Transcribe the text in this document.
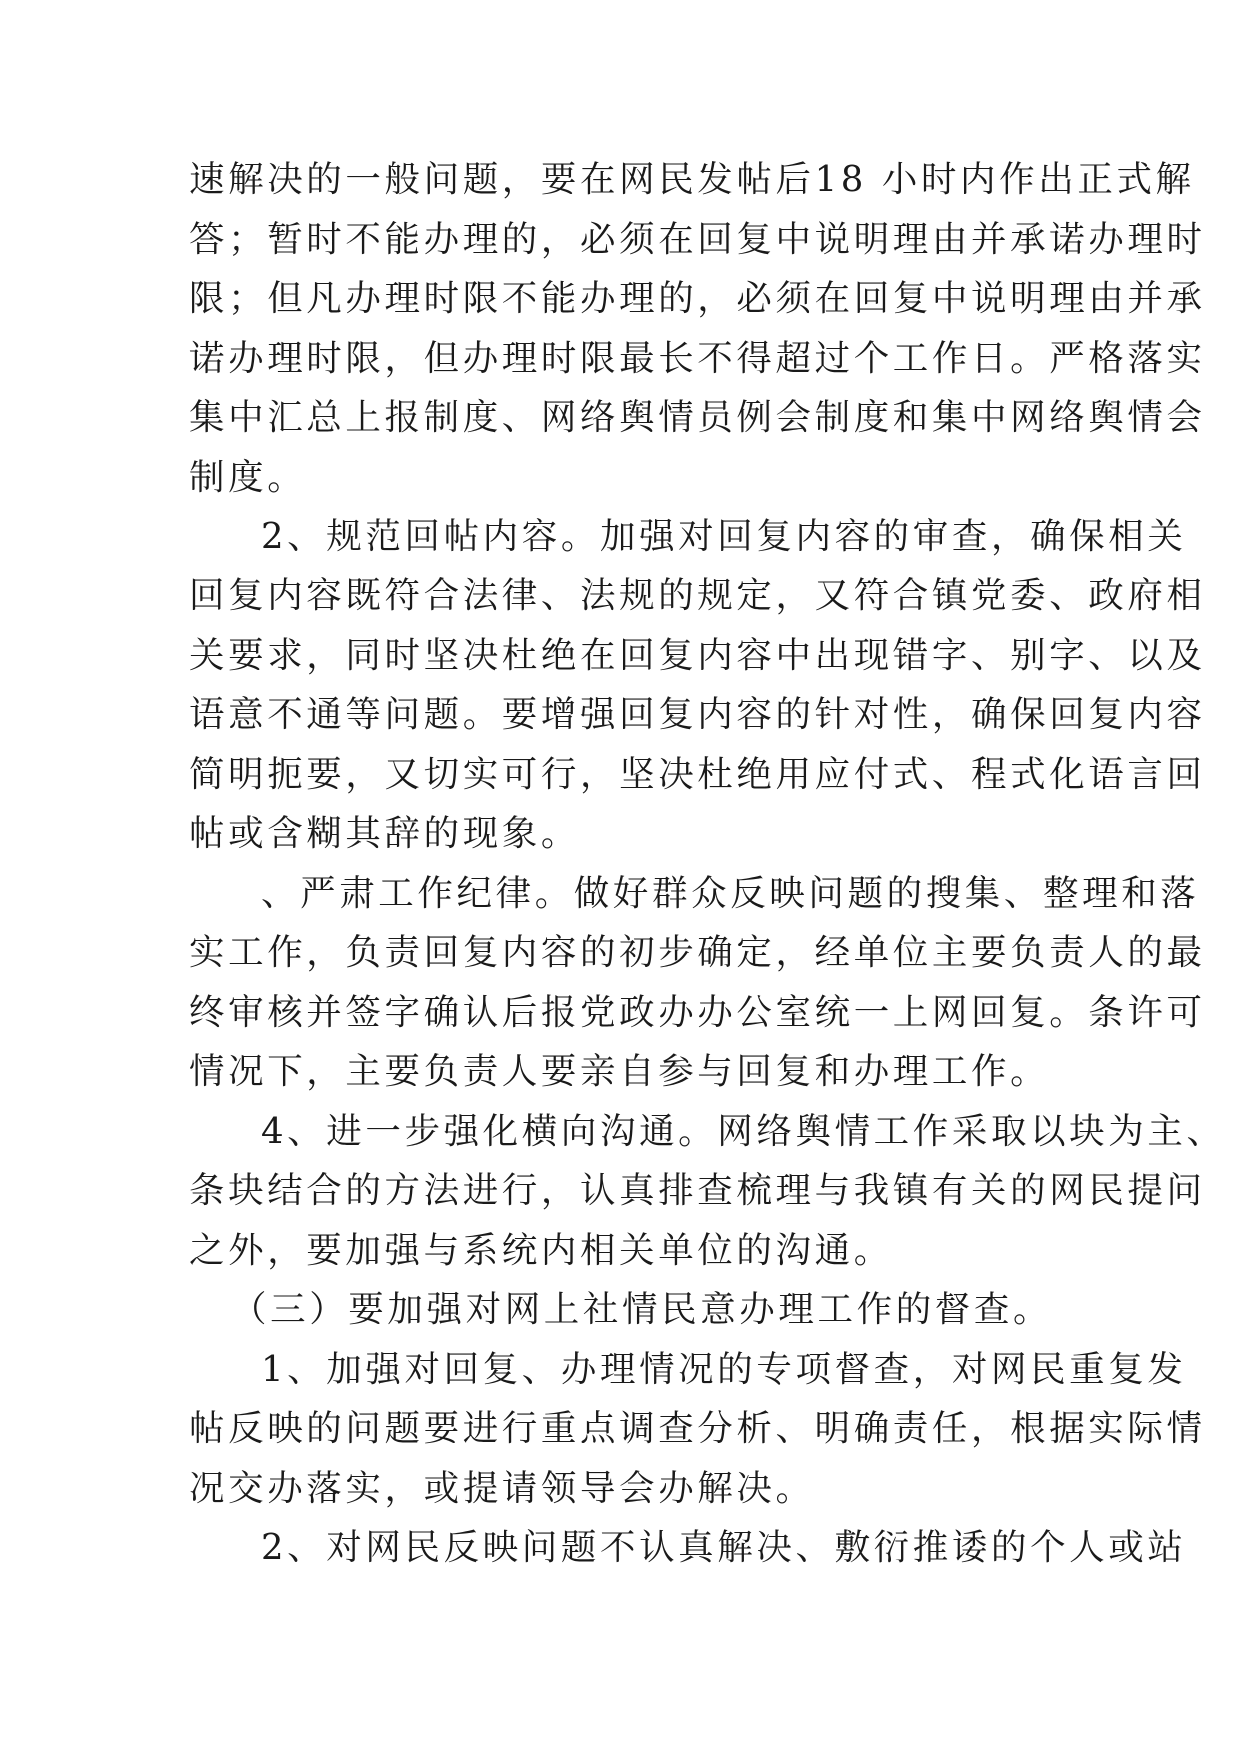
速解决的一般问题，要在网民发帖后18 小时内作出正式解
答；暂时不能办理的，必须在回复中说明理由并承诺办理时
限；但凡办理时限不能办理的，必须在回复中说明理由并承
诺办理时限，但办理时限最长不得超过个工作日。严格落实
集中汇总上报制度、网络舆情员例会制度和集中网络舆情会
制度。
2、规范回帖内容。加强对回复内容的审查，确保相关
回复内容既符合法律、法规的规定，又符合镇党委、政府相
关要求，同时坚决杜绝在回复内容中出现错字、别字、以及
语意不通等问题。要增强回复内容的针对性，确保回复内容
简明扼要，又切实可行，坚决杜绝用应付式、程式化语言回
帖或含糊其辞的现象。
、严肃工作纪律。做好群众反映问题的搜集、整理和落
实工作，负责回复内容的初步确定，经单位主要负责人的最
终审核并签字确认后报党政办办公室统一上网回复。条许可
情况下，主要负责人要亲自参与回复和办理工作。
4、进一步强化横向沟通。网络舆情工作采取以块为主、
条块结合的方法进行，认真排查梳理与我镇有关的网民提问
之外，要加强与系统内相关单位的沟通。
（三）要加强对网上社情民意办理工作的督查。
1、加强对回复、办理情况的专项督查，对网民重复发
帖反映的问题要进行重点调查分析、明确责任，根据实际情
况交办落实，或提请领导会办解决。
2、对网民反映问题不认真解决、敷衍推诿的个人或站
